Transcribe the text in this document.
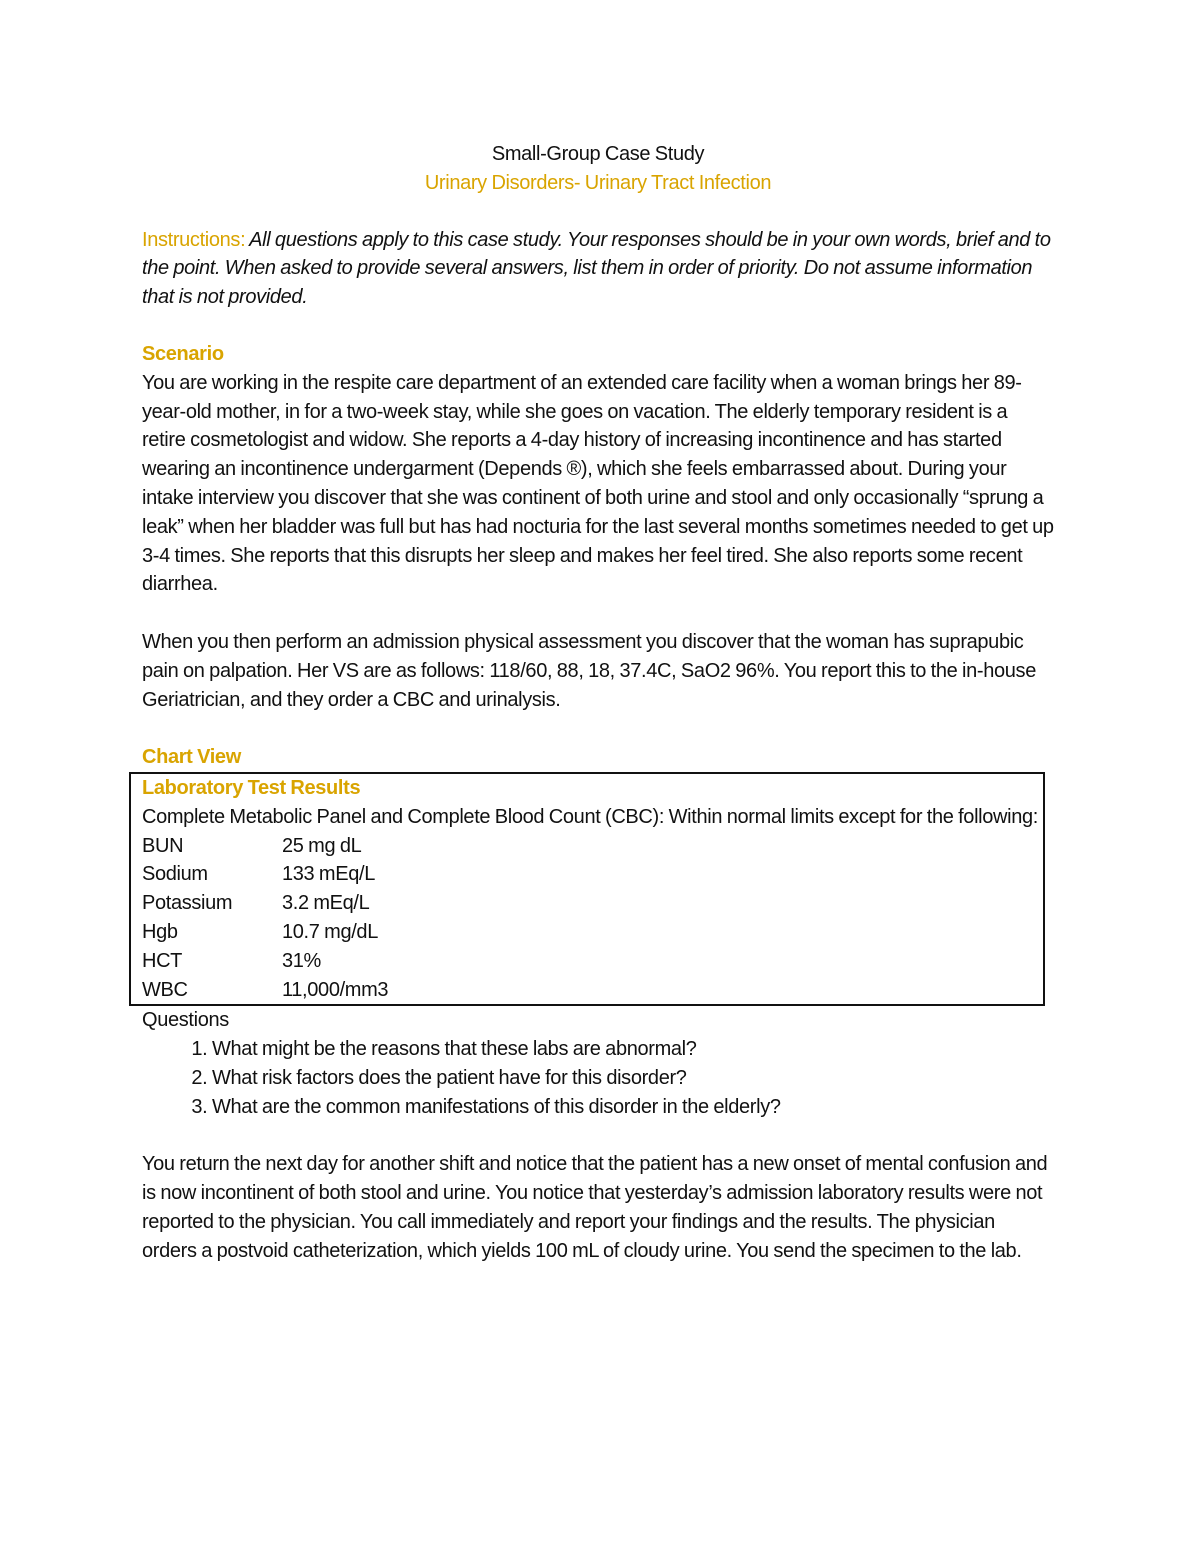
Small-Group Case Study

Urinary Disorders- Urinary Tract Infection

Instructions: All questions apply to this case study. Your responses should be in your own words, brief and to the point. When asked to provide several answers, list them in order of priority. Do not assume information that is not provided.

Scenario

You are working in the respite care department of an extended care facility when a woman brings her 89-year-old mother, in for a two-week stay, while she goes on vacation. The elderly temporary resident is a retire cosmetologist and widow. She reports a 4-day history of increasing incontinence and has started wearing an incontinence undergarment (Depends ®), which she feels embarrassed about. During your intake interview you discover that she was continent of both urine and stool and only occasionally “sprung a leak” when her bladder was full but has had nocturia for the last several months sometimes needed to get up 3-4 times. She reports that this disrupts her sleep and makes her feel tired. She also reports some recent diarrhea.

When you then perform an admission physical assessment you discover that the woman has suprapubic pain on palpation. Her VS are as follows: 118/60, 88, 18, 37.4C, SaO2 96%. You report this to the in-house Geriatrician, and they order a CBC and urinalysis.

Chart View

Laboratory Test Results
Complete Metabolic Panel and Complete Blood Count (CBC): Within normal limits except for the following:
BUN	25 mg dL
Sodium	133 mEq/L
Potassium	3.2 mEq/L
Hgb	10.7 mg/dL
HCT	31%
WBC	11,000/mm3

Questions

1. What might be the reasons that these labs are abnormal?
2. What risk factors does the patient have for this disorder?
3. What are the common manifestations of this disorder in the elderly?

You return the next day for another shift and notice that the patient has a new onset of mental confusion and is now incontinent of both stool and urine. You notice that yesterday’s admission laboratory results were not reported to the physician. You call immediately and report your findings and the results. The physician orders a postvoid catheterization, which yields 100 mL of cloudy urine. You send the specimen to the lab.
